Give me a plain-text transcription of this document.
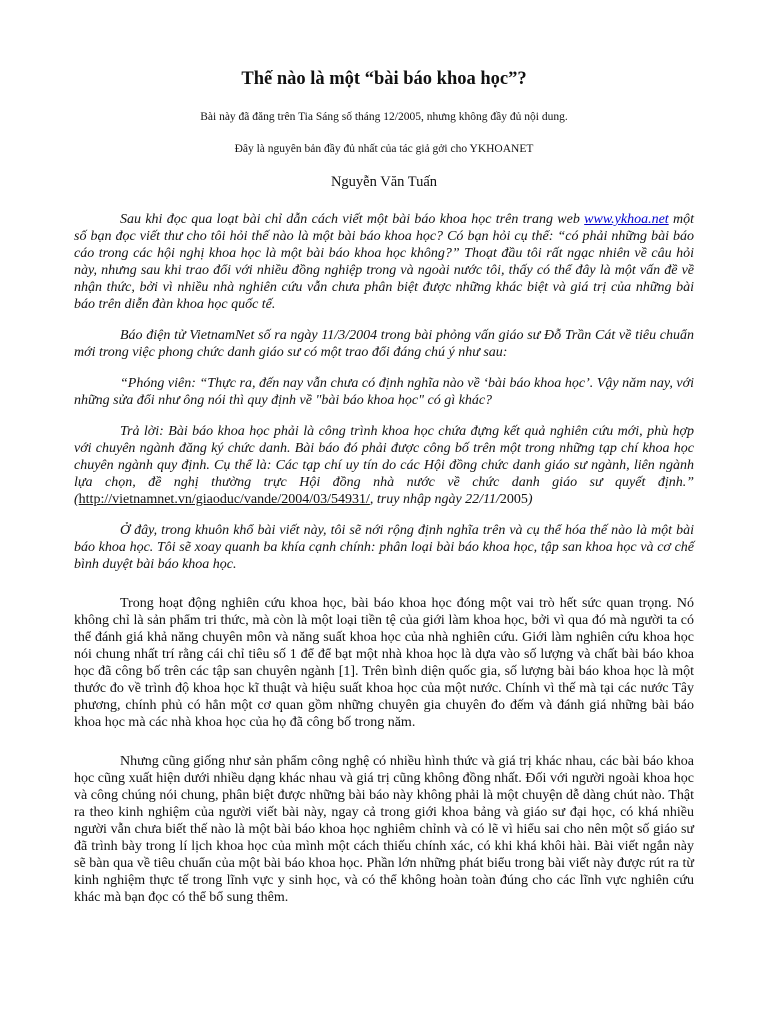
Thế nào là một “bài báo khoa học”?
Bài này đã đăng trên Tia Sáng số tháng 12/2005, nhưng không đầy đủ nội dung.
Đây là nguyên bản đầy đủ nhất của tác giả gởi cho YKHOANET
Nguyễn Văn Tuấn

Sau khi đọc qua loạt bài chỉ dẫn cách viết một bài báo khoa học trên trang web www.ykhoa.net một số bạn đọc viết thư cho tôi hỏi thế nào là một bài báo khoa học? Có bạn hỏi cụ thể: “có phải những bài báo cáo trong các hội nghị khoa học là một bài báo khoa học không?” Thoạt đầu tôi rất ngạc nhiên về câu hỏi này, nhưng sau khi trao đổi với nhiều đồng nghiệp trong và ngoài nước tôi, thấy có thể đây là một vấn đề về nhận thức, bởi vì nhiều nhà nghiên cứu vẫn chưa phân biệt được những khác biệt và giá trị của những bài báo trên diễn đàn khoa học quốc tế.

Báo điện tử VietnamNet số ra ngày 11/3/2004 trong bài phỏng vấn giáo sư Đỗ Trần Cát về tiêu chuẩn mới trong việc phong chức danh giáo sư có một trao đổi đáng chú ý như sau:

“Phóng viên: “Thực ra, đến nay vẫn chưa có định nghĩa nào về ‘bài báo khoa học’. Vậy năm nay, với những sửa đổi như ông nói thì quy định về "bài báo khoa học" có gì khác?

Trả lời: Bài báo khoa học phải là công trình khoa học chứa đựng kết quả nghiên cứu mới, phù hợp với chuyên ngành đăng ký chức danh. Bài báo đó phải được công bố trên một trong những tạp chí khoa học chuyên ngành quy định. Cụ thể là: Các tạp chí uy tín do các Hội đồng chức danh giáo sư ngành, liên ngành lựa chọn, đề nghị thường trực Hội đồng nhà nước về chức danh giáo sư quyết định.” (http://vietnamnet.vn/giaoduc/vande/2004/03/54931/, truy nhập ngày 22/11/2005)

Ở đây, trong khuôn khổ bài viết này, tôi sẽ nới rộng định nghĩa trên và cụ thể hóa thế nào là một bài báo khoa học. Tôi sẽ xoay quanh ba khía cạnh chính: phân loại bài báo khoa học, tập san khoa học và cơ chế bình duyệt bài báo khoa học.

Trong hoạt động nghiên cứu khoa học, bài báo khoa học đóng một vai trò hết sức quan trọng. Nó không chỉ là sản phẩm tri thức, mà còn là một loại tiền tệ của giới làm khoa học, bởi vì qua đó mà người ta có thể đánh giá khả năng chuyên môn và năng suất khoa học của nhà nghiên cứu. Giới làm nghiên cứu khoa học nói chung nhất trí rằng cái chỉ tiêu số 1 để để bạt một nhà khoa học là dựa vào số lượng và chất bài báo khoa học đã công bố trên các tập san chuyên ngành [1]. Trên bình diện quốc gia, số lượng bài báo khoa học là một thước đo về trình độ khoa học kĩ thuật và hiệu suất khoa học của một nước. Chính vì thế mà tại các nước Tây phương, chính phủ có hẳn một cơ quan gồm những chuyên gia chuyên đo đếm và đánh giá những bài báo khoa học mà các nhà khoa học của họ đã công bố trong năm.

Nhưng cũng giống như sản phẩm công nghệ có nhiều hình thức và giá trị khác nhau, các bài báo khoa học cũng xuất hiện dưới nhiều dạng khác nhau và giá trị cũng không đồng nhất. Đối với người ngoài khoa học và công chúng nói chung, phân biệt được những bài báo này không phải là một chuyện dễ dàng chút nào. Thật ra theo kinh nghiệm của người viết bài này, ngay cả trong giới khoa bảng và giáo sư đại học, có khá nhiều người vẫn chưa biết thế nào là một bài báo khoa học nghiêm chỉnh và có lẽ vì hiểu sai cho nên một số giáo sư đã trình bày trong lí lịch khoa học của mình một cách thiếu chính xác, có khi khá khôi hài. Bài viết ngắn này sẽ bàn qua về tiêu chuẩn của một bài báo khoa học. Phần lớn những phát biểu trong bài viết này được rút ra từ kinh nghiệm thực tế trong lĩnh vực y sinh học, và có thể không hoàn toàn đúng cho các lĩnh vực nghiên cứu khác mà bạn đọc có thể bổ sung thêm.
